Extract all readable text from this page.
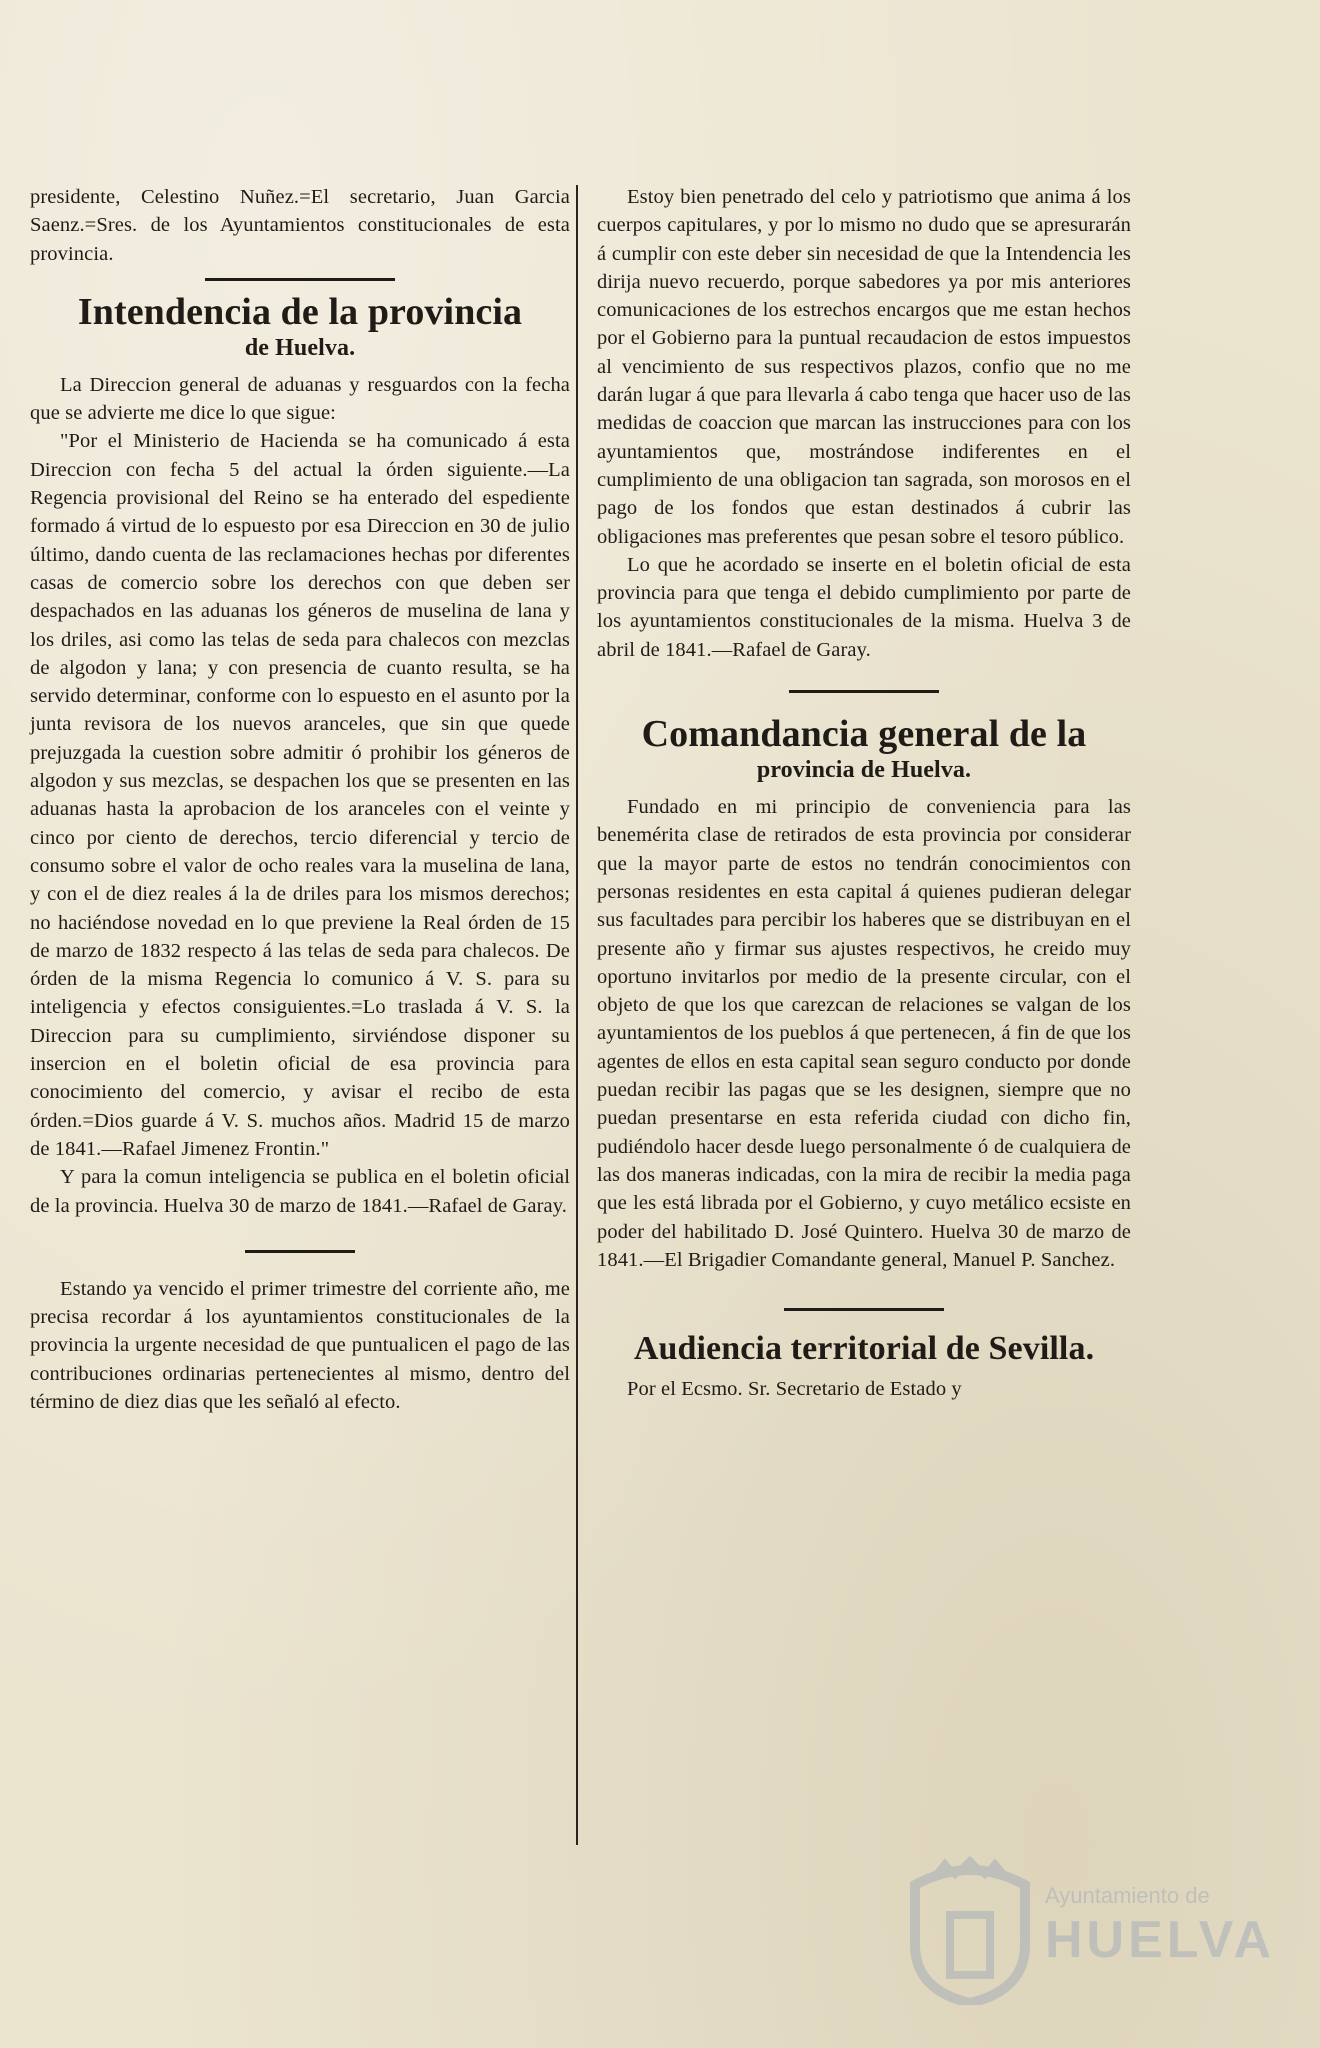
presidente, Celestino Nuñez.=El secretario, Juan Garcia Saenz.=Sres. de los Ayuntamientos constitucionales de esta provincia.

Intendencia de la provincia
de Huelva.

La Direccion general de aduanas y resguardos con la fecha que se advierte me dice lo que sigue:

"Por el Ministerio de Hacienda se ha comunicado á esta Direccion con fecha 5 del actual la órden siguiente.—La Regencia provisional del Reino se ha enterado del espediente formado á virtud de lo espuesto por esa Direccion en 30 de julio último, dando cuenta de las reclamaciones hechas por diferentes casas de comercio sobre los derechos con que deben ser despachados en las aduanas los géneros de muselina de lana y los driles, asi como las telas de seda para chalecos con mezclas de algodon y lana; y con presencia de cuanto resulta, se ha servido determinar, conforme con lo espuesto en el asunto por la junta revisora de los nuevos aranceles, que sin que quede prejuzgada la cuestion sobre admitir ó prohibir los géneros de algodon y sus mezclas, se despachen los que se presenten en las aduanas hasta la aprobacion de los aranceles con el veinte y cinco por ciento de derechos, tercio diferencial y tercio de consumo sobre el valor de ocho reales vara la muselina de lana, y con el de diez reales á la de driles para los mismos derechos; no haciéndose novedad en lo que previene la Real órden de 15 de marzo de 1832 respecto á las telas de seda para chalecos. De órden de la misma Regencia lo comunico á V. S. para su inteligencia y efectos consiguientes.=Lo traslada á V. S. la Direccion para su cumplimiento, sirviéndose disponer su insercion en el boletin oficial de esa provincia para conocimiento del comercio, y avisar el recibo de esta órden.=Dios guarde á V. S. muchos años. Madrid 15 de marzo de 1841.—Rafael Jimenez Frontin."

Y para la comun inteligencia se publica en el boletin oficial de la provincia. Huelva 30 de marzo de 1841.—Rafael de Garay.

Estando ya vencido el primer trimestre del corriente año, me precisa recordar á los ayuntamientos constitucionales de la provincia la urgente necesidad de que puntualicen el pago de las contribuciones ordinarias pertenecientes al mismo, dentro del término de diez dias que les señaló al efecto.

Estoy bien penetrado del celo y patriotismo que anima á los cuerpos capitulares, y por lo mismo no dudo que se apresurarán á cumplir con este deber sin necesidad de que la Intendencia les dirija nuevo recuerdo, porque sabedores ya por mis anteriores comunicaciones de los estrechos encargos que me estan hechos por el Gobierno para la puntual recaudacion de estos impuestos al vencimiento de sus respectivos plazos, confio que no me darán lugar á que para llevarla á cabo tenga que hacer uso de las medidas de coaccion que marcan las instrucciones para con los ayuntamientos que, mostrándose indiferentes en el cumplimiento de una obligacion tan sagrada, son morosos en el pago de los fondos que estan destinados á cubrir las obligaciones mas preferentes que pesan sobre el tesoro público.

Lo que he acordado se inserte en el boletin oficial de esta provincia para que tenga el debido cumplimiento por parte de los ayuntamientos constitucionales de la misma. Huelva 3 de abril de 1841.—Rafael de Garay.

Comandancia general de la
provincia de Huelva.

Fundado en mi principio de conveniencia para las benemérita clase de retirados de esta provincia por considerar que la mayor parte de estos no tendrán conocimientos con personas residentes en esta capital á quienes pudieran delegar sus facultades para percibir los haberes que se distribuyan en el presente año y firmar sus ajustes respectivos, he creido muy oportuno invitarlos por medio de la presente circular, con el objeto de que los que carezcan de relaciones se valgan de los ayuntamientos de los pueblos á que pertenecen, á fin de que los agentes de ellos en esta capital sean seguro conducto por donde puedan recibir las pagas que se les designen, siempre que no puedan presentarse en esta referida ciudad con dicho fin, pudiéndolo hacer desde luego personalmente ó de cualquiera de las dos maneras indicadas, con la mira de recibir la media paga que les está librada por el Gobierno, y cuyo metálico ecsiste en poder del habilitado D. José Quintero. Huelva 30 de marzo de 1841.—El Brigadier Comandante general, Manuel P. Sanchez.

Audiencia territorial de Sevilla.

Por el Ecsmo. Sr. Secretario de Estado y

Ayuntamiento de
HUELVA
